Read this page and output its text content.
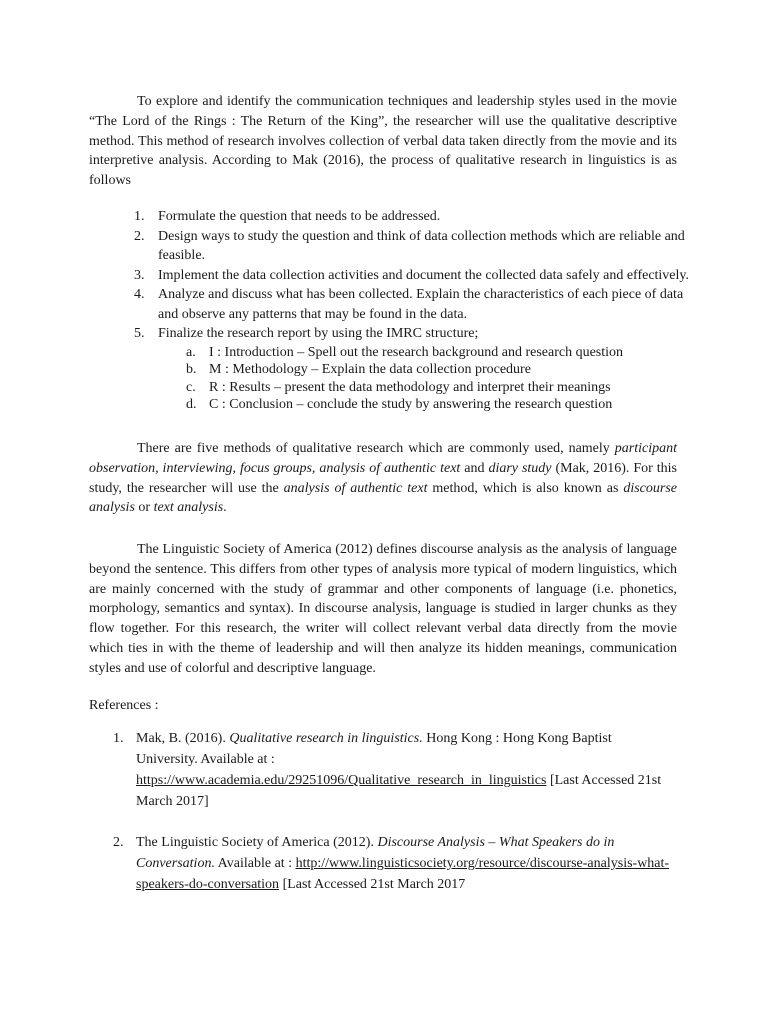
To explore and identify the communication techniques and leadership styles used in the movie “The Lord of the Rings : The Return of the King”, the researcher will use the qualitative descriptive method. This method of research involves collection of verbal data taken directly from the movie and its interpretive analysis. According to Mak (2016), the process of qualitative research in linguistics is as follows

1. Formulate the question that needs to be addressed.
2. Design ways to study the question and think of data collection methods which are reliable and feasible.
3. Implement the data collection activities and document the collected data safely and effectively.
4. Analyze and discuss what has been collected. Explain the characteristics of each piece of data and observe any patterns that may be found in the data.
5. Finalize the research report by using the IMRC structure;
a. I : Introduction – Spell out the research background and research question
b. M : Methodology – Explain the data collection procedure
c. R : Results – present the data methodology and interpret their meanings
d. C : Conclusion – conclude the study by answering the research question

There are five methods of qualitative research which are commonly used, namely participant observation, interviewing, focus groups, analysis of authentic text and diary study (Mak, 2016). For this study, the researcher will use the analysis of authentic text method, which is also known as discourse analysis or text analysis.

The Linguistic Society of America (2012) defines discourse analysis as the analysis of language beyond the sentence. This differs from other types of analysis more typical of modern linguistics, which are mainly concerned with the study of grammar and other components of language (i.e. phonetics, morphology, semantics and syntax). In discourse analysis, language is studied in larger chunks as they flow together. For this research, the writer will collect relevant verbal data directly from the movie which ties in with the theme of leadership and will then analyze its hidden meanings, communication styles and use of colorful and descriptive language.

References :

1. Mak, B. (2016). Qualitative research in linguistics. Hong Kong : Hong Kong Baptist University. Available at : https://www.academia.edu/29251096/Qualitative_research_in_linguistics [Last Accessed 21st March 2017]
2. The Linguistic Society of America (2012). Discourse Analysis – What Speakers do in Conversation. Available at : http://www.linguisticsociety.org/resource/discourse-analysis-what-speakers-do-conversation [Last Accessed 21st March 2017
